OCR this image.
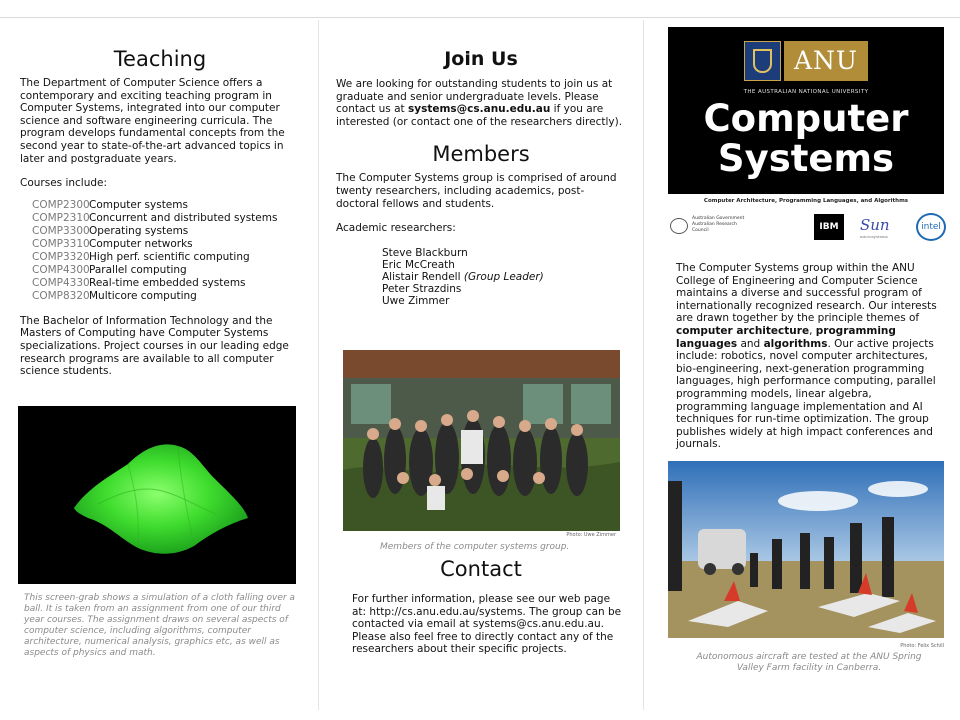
Teaching

The Department of Computer Science offers a contemporary and exciting teaching program in Computer Systems, integrated into our computer science and software engineering curricula. The program develops fundamental concepts from the second year to state-of-the-art advanced topics in later and postgraduate years.

Courses include:

COMP2300 Computer systems
COMP2310 Concurrent and distributed systems
COMP3300 Operating systems
COMP3310 Computer networks
COMP3320 High perf. scientific computing
COMP4300 Parallel computing
COMP4330 Real-time embedded systems
COMP8320 Multicore computing

The Bachelor of Information Technology and the Masters of Computing have Computer Systems specializations. Project courses in our leading edge research programs are available to all computer science students.

This screen-grab shows a simulation of a cloth falling over a ball. It is taken from an assignment from one of our third year courses. The assignment draws on several aspects of computer science, including algorithms, computer architecture, numerical analysis, graphics etc, as well as aspects of physics and math.

Join Us

We are looking for outstanding students to join us at graduate and senior undergraduate levels. Please contact us at systems@cs.anu.edu.au if you are interested (or contact one of the researchers directly).

Members

The Computer Systems group is comprised of around twenty researchers, including academics, post-doctoral fellows and students.

Academic researchers:

Steve Blackburn
Eric McCreath
Alistair Rendell (Group Leader)
Peter Strazdins
Uwe Zimmer
Photo: Uwe Zimmer

Members of the computer systems group.

Contact

For further information, please see our web page at: http://cs.anu.edu.au/systems. The group can be contacted via email at systems@cs.anu.edu.au. Please also feel free to directly contact any of the researchers about their specific projects.

ANU
THE AUSTRALIAN NATIONAL UNIVERSITY
Computer
Systems
Computer Architecture, Programming Languages, and Algorithms
Australian Government
Australian Research Council	IBM	Sun
microsystems
intel

The Computer Systems group within the ANU College of Engineering and Computer Science maintains a diverse and successful program of internationally recognized research. Our interests are drawn together by the principle themes of computer architecture, programming languages and algorithms. Our active projects include: robotics, novel computer architectures, bio-engineering, next-generation programming languages, high performance computing, parallel programming models, linear algebra, programming language implementation and AI techniques for run-time optimization. The group publishes widely at high impact conferences and journals.

Photo: Felix Schill

Autonomous aircraft are tested at the ANU Spring Valley Farm facility in Canberra.
